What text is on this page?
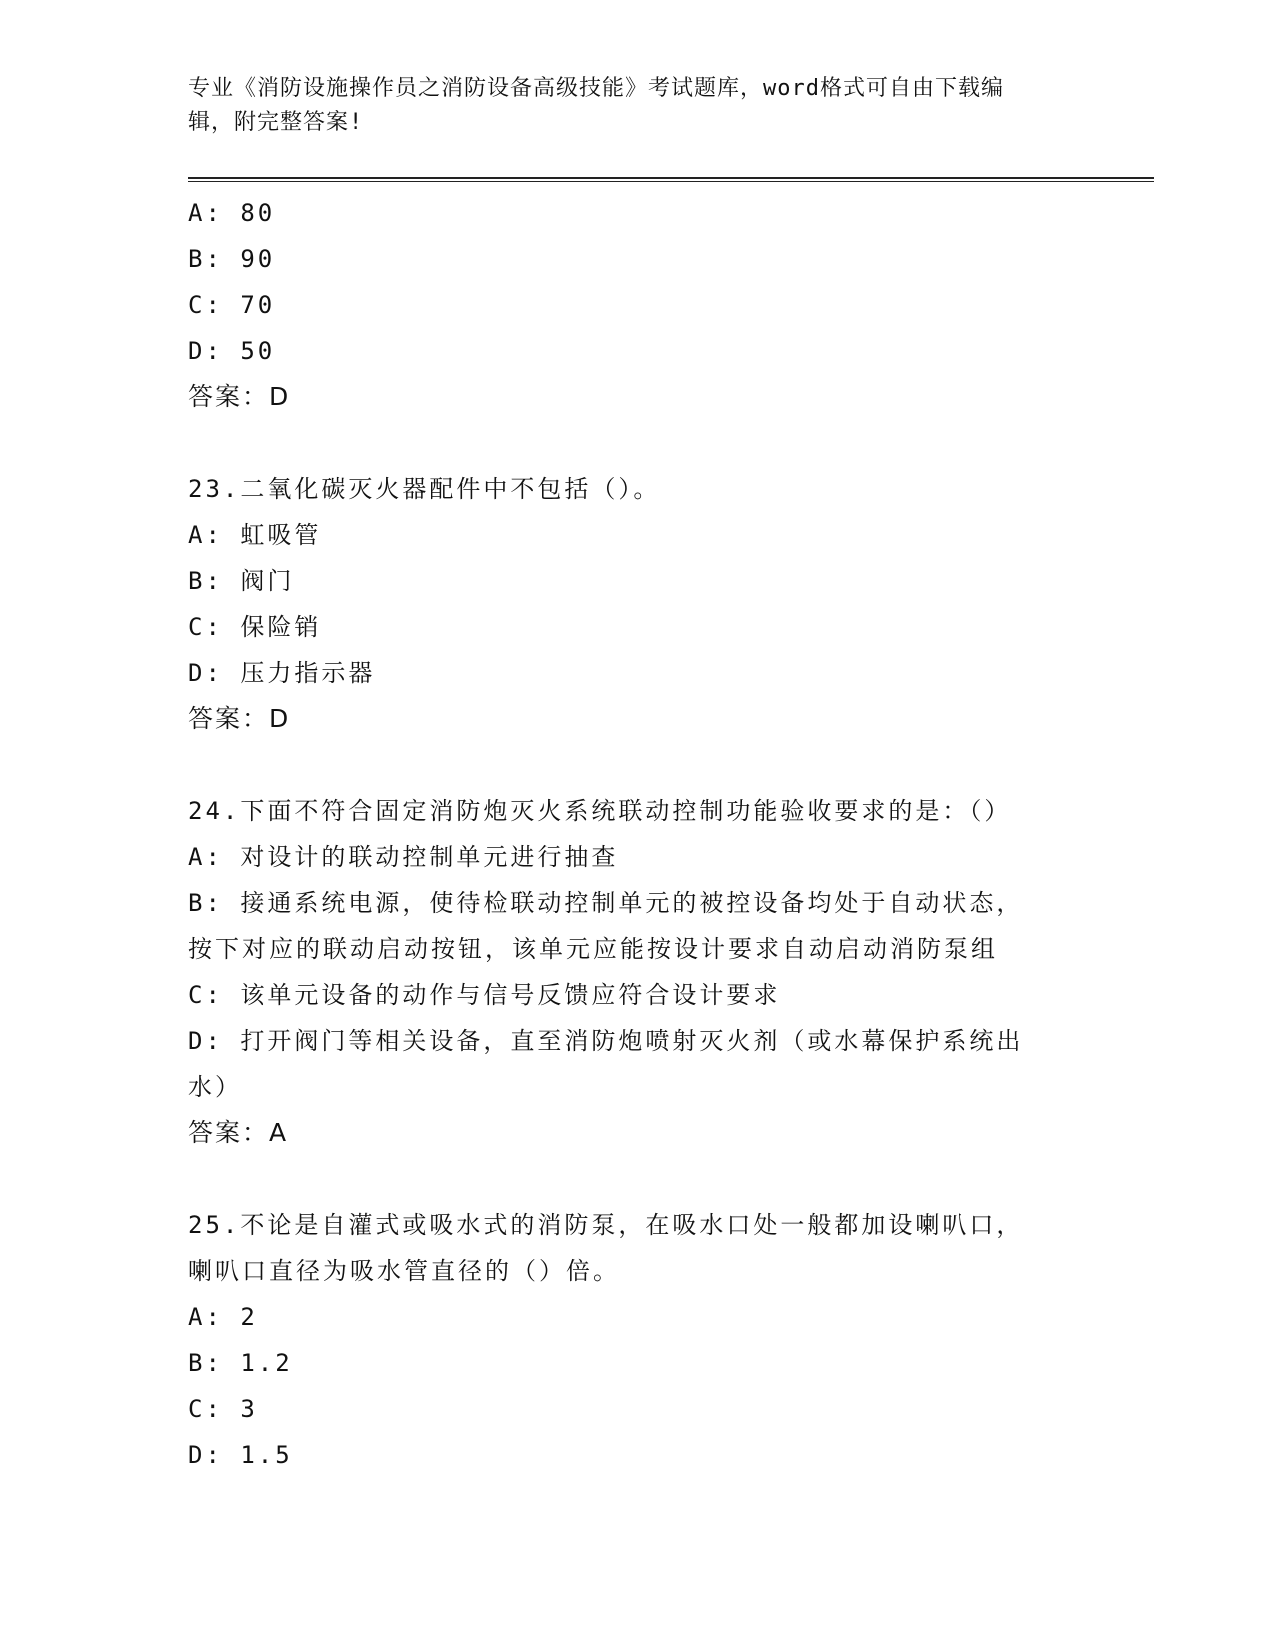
专业《消防设施操作员之消防设备高级技能》考试题库，word格式可自由下载编
辑，附完整答案!
A: 80
B: 90
C: 70
D: 50
答案：D
23.二氧化碳灭火器配件中不包括（）。
A: 虹吸管
B: 阀门
C: 保险销
D: 压力指示器
答案：D
24.下面不符合固定消防炮灭火系统联动控制功能验收要求的是：（）
A: 对设计的联动控制单元进行抽查
B: 接通系统电源，使待检联动控制单元的被控设备均处于自动状态，
按下对应的联动启动按钮，该单元应能按设计要求自动启动消防泵组
C: 该单元设备的动作与信号反馈应符合设计要求
D: 打开阀门等相关设备，直至消防炮喷射灭火剂（或水幕保护系统出
水）
答案：A
25.不论是自灌式或吸水式的消防泵，在吸水口处一般都加设喇叭口，
喇叭口直径为吸水管直径的（）倍。
A: 2
B: 1.2
C: 3
D: 1.5
